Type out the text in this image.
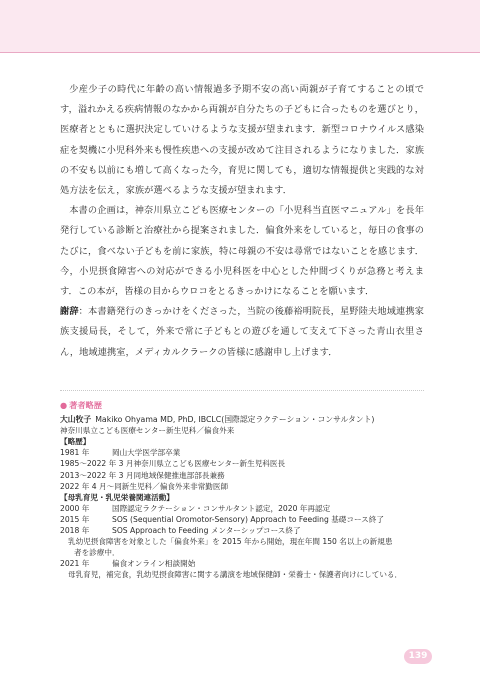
少産少子の時代に年齢の高い情報過多予期不安の高い両親が子育てすることの頃です，溢れかえる疾病情報のなかから両親が自分たちの子どもに合ったものを選びとり，医療者とともに選択決定していけるような支援が望まれます．新型コロナウイルス感染症を契機に小児科外来も慢性疾患への支援が改めて注目されるようになりました．家族の不安も以前にも増して高くなった今，育児に関しても，適切な情報提供と実践的な対処方法を伝え，家族が選べるような支援が望まれます．

本書の企画は，神奈川県立こども医療センターの「小児科当直医マニュアル」を長年発行している診断と治療社から提案されました．偏食外来をしていると，毎日の食事のたびに，食べない子どもを前に家族，特に母親の不安は尋常ではないことを感じます．今，小児摂食障害への対応ができる小児科医を中心とした仲間づくりが急務と考えます．この本が，皆様の目からウロコをとるきっかけになることを願います．

謝辞：本書籍発行のきっかけをくださった，当院の後藤裕明院長，星野陸夫地域連携家族支援局長，そして，外来で常に子どもとの遊びを通して支えて下さった青山衣里さん，地域連携室，メディカルクラークの皆様に感謝申し上げます．

● 著者略歴
大山牧子 Makiko Ohyama MD, PhD, IBCLC(国際認定ラクテーション・コンサルタント)
神奈川県立こども医療センター新生児科／偏食外来
【略歴】
1981 年	岡山大学医学部卒業
1985〜2022 年 3 月 神奈川県立こども医療センター新生児科医長
2013〜2022 年 3 月 同地域保健推進部部長兼務
2022 年 4 月〜 同新生児科／偏食外来非常勤医師
【母乳育児・乳児栄養関連活動】
2000 年	国際認定ラクテーション・コンサルタント認定，2020 年再認定
2015 年	SOS (Sequential Oromotor-Sensory) Approach to Feeding 基礎コース終了
2018 年	SOS Approach to Feeding メンターシップコース終了
乳幼児摂食障害を対象とした「偏食外来」を 2015 年から開始，現在年間 150 名以上の新規患
者を診療中．
2021 年	偏食オンライン相談開始
母乳育児，補完食，乳幼児摂食障害に関する講演を地域保健師・栄養士・保護者向けにしている．
139
